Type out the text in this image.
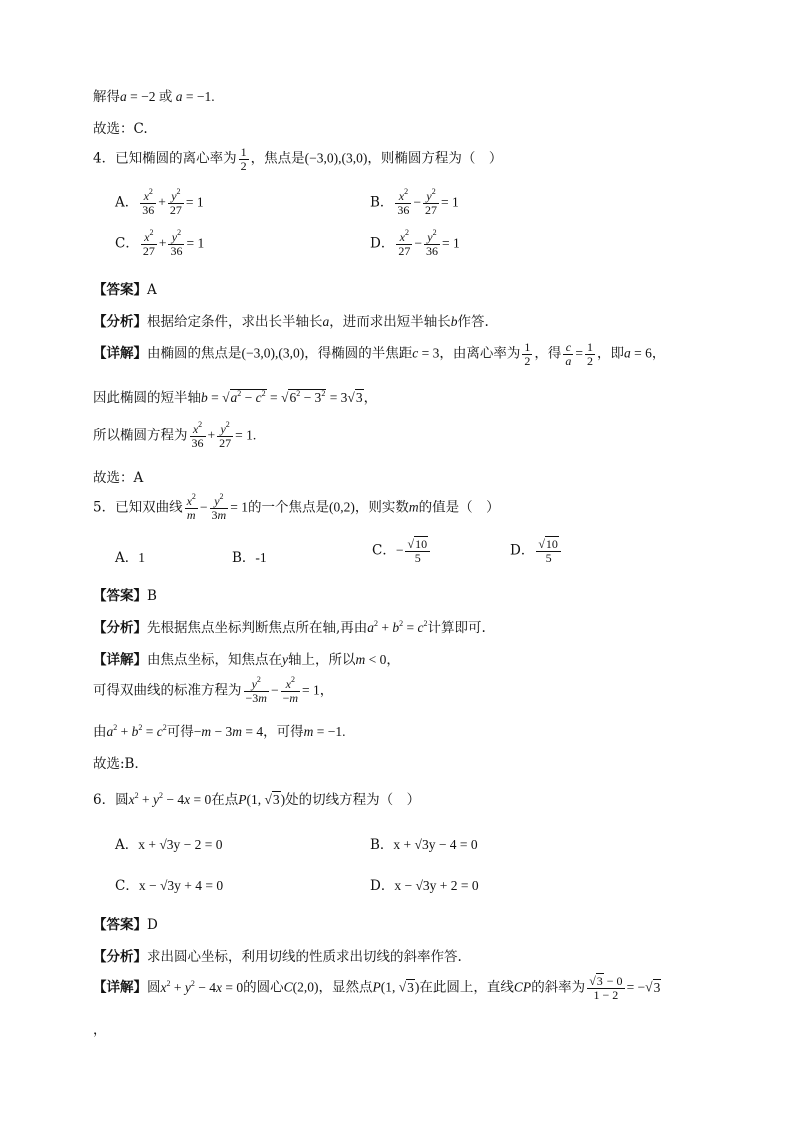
解得a = −2 或 a = −1.
故选：C.
4．已知椭圆的离心率为 $\frac{1}{2}$ ，焦点是(−3,0),(3,0)，则椭圆方程为（　）
A． $\frac{x^2}{36} + \frac{y^2}{27} = 1$	B． $\frac{x^2}{36} - \frac{y^2}{27} = 1$
C． $\frac{x^2}{27} + \frac{y^2}{36} = 1$	D． $\frac{x^2}{27} - \frac{y^2}{36} = 1$
【答案】A
【分析】根据给定条件，求出长半轴长a，进而求出短半轴长b作答.
【详解】由椭圆的焦点是(−3,0),(3,0)，得椭圆的半焦距c = 3，由离心率为 $\frac{1}{2}$ ，得 $\frac{c}{a} = \frac{1}{2}$ ，即a = 6，
因此椭圆的短半轴$b = √a^2 - c^2 = √6^2 - 3^2 = 3√3$，
所以椭圆方程为 $\frac{x^2}{36} + \frac{y^2}{27} = 1$.
故选：A
5．已知双曲线 $\frac{x^2}{m} - \frac{y^2}{3m} = 1$的一个焦点是(0,2)，则实数m的值是（　）
A．1	B．-1	C．− $\frac{√10}{5}$	D． $\frac{√10}{5}$
【答案】B
【分析】先根据焦点坐标判断焦点所在轴,再由$a^2 + b^2 = c^2$计算即可.
【详解】由焦点坐标，知焦点在y轴上，所以m < 0，
可得双曲线的标准方程为 $\frac{y^2}{-3m} - \frac{x^2}{-m} = 1$，
由$a^2 + b^2 = c^2$可得−m − 3m = 4，可得m = −1.
故选:B．
6．圆$x^2 + y^2 - 4x = 0$在点P(1, √3)处的切线方程为（　）
A．x + √3y − 2 = 0	B．x + √3y − 4 = 0
C．x − √3y + 4 = 0	D．x − √3y + 2 = 0
【答案】D
【分析】求出圆心坐标，利用切线的性质求出切线的斜率作答.
【详解】圆$x^2 + y^2 - 4x = 0$的圆心C(2,0)，显然点P(1, √3)在此圆上，直线CP的斜率为 $\frac{√3 - 0}{1 - 2} = -√3$
，
